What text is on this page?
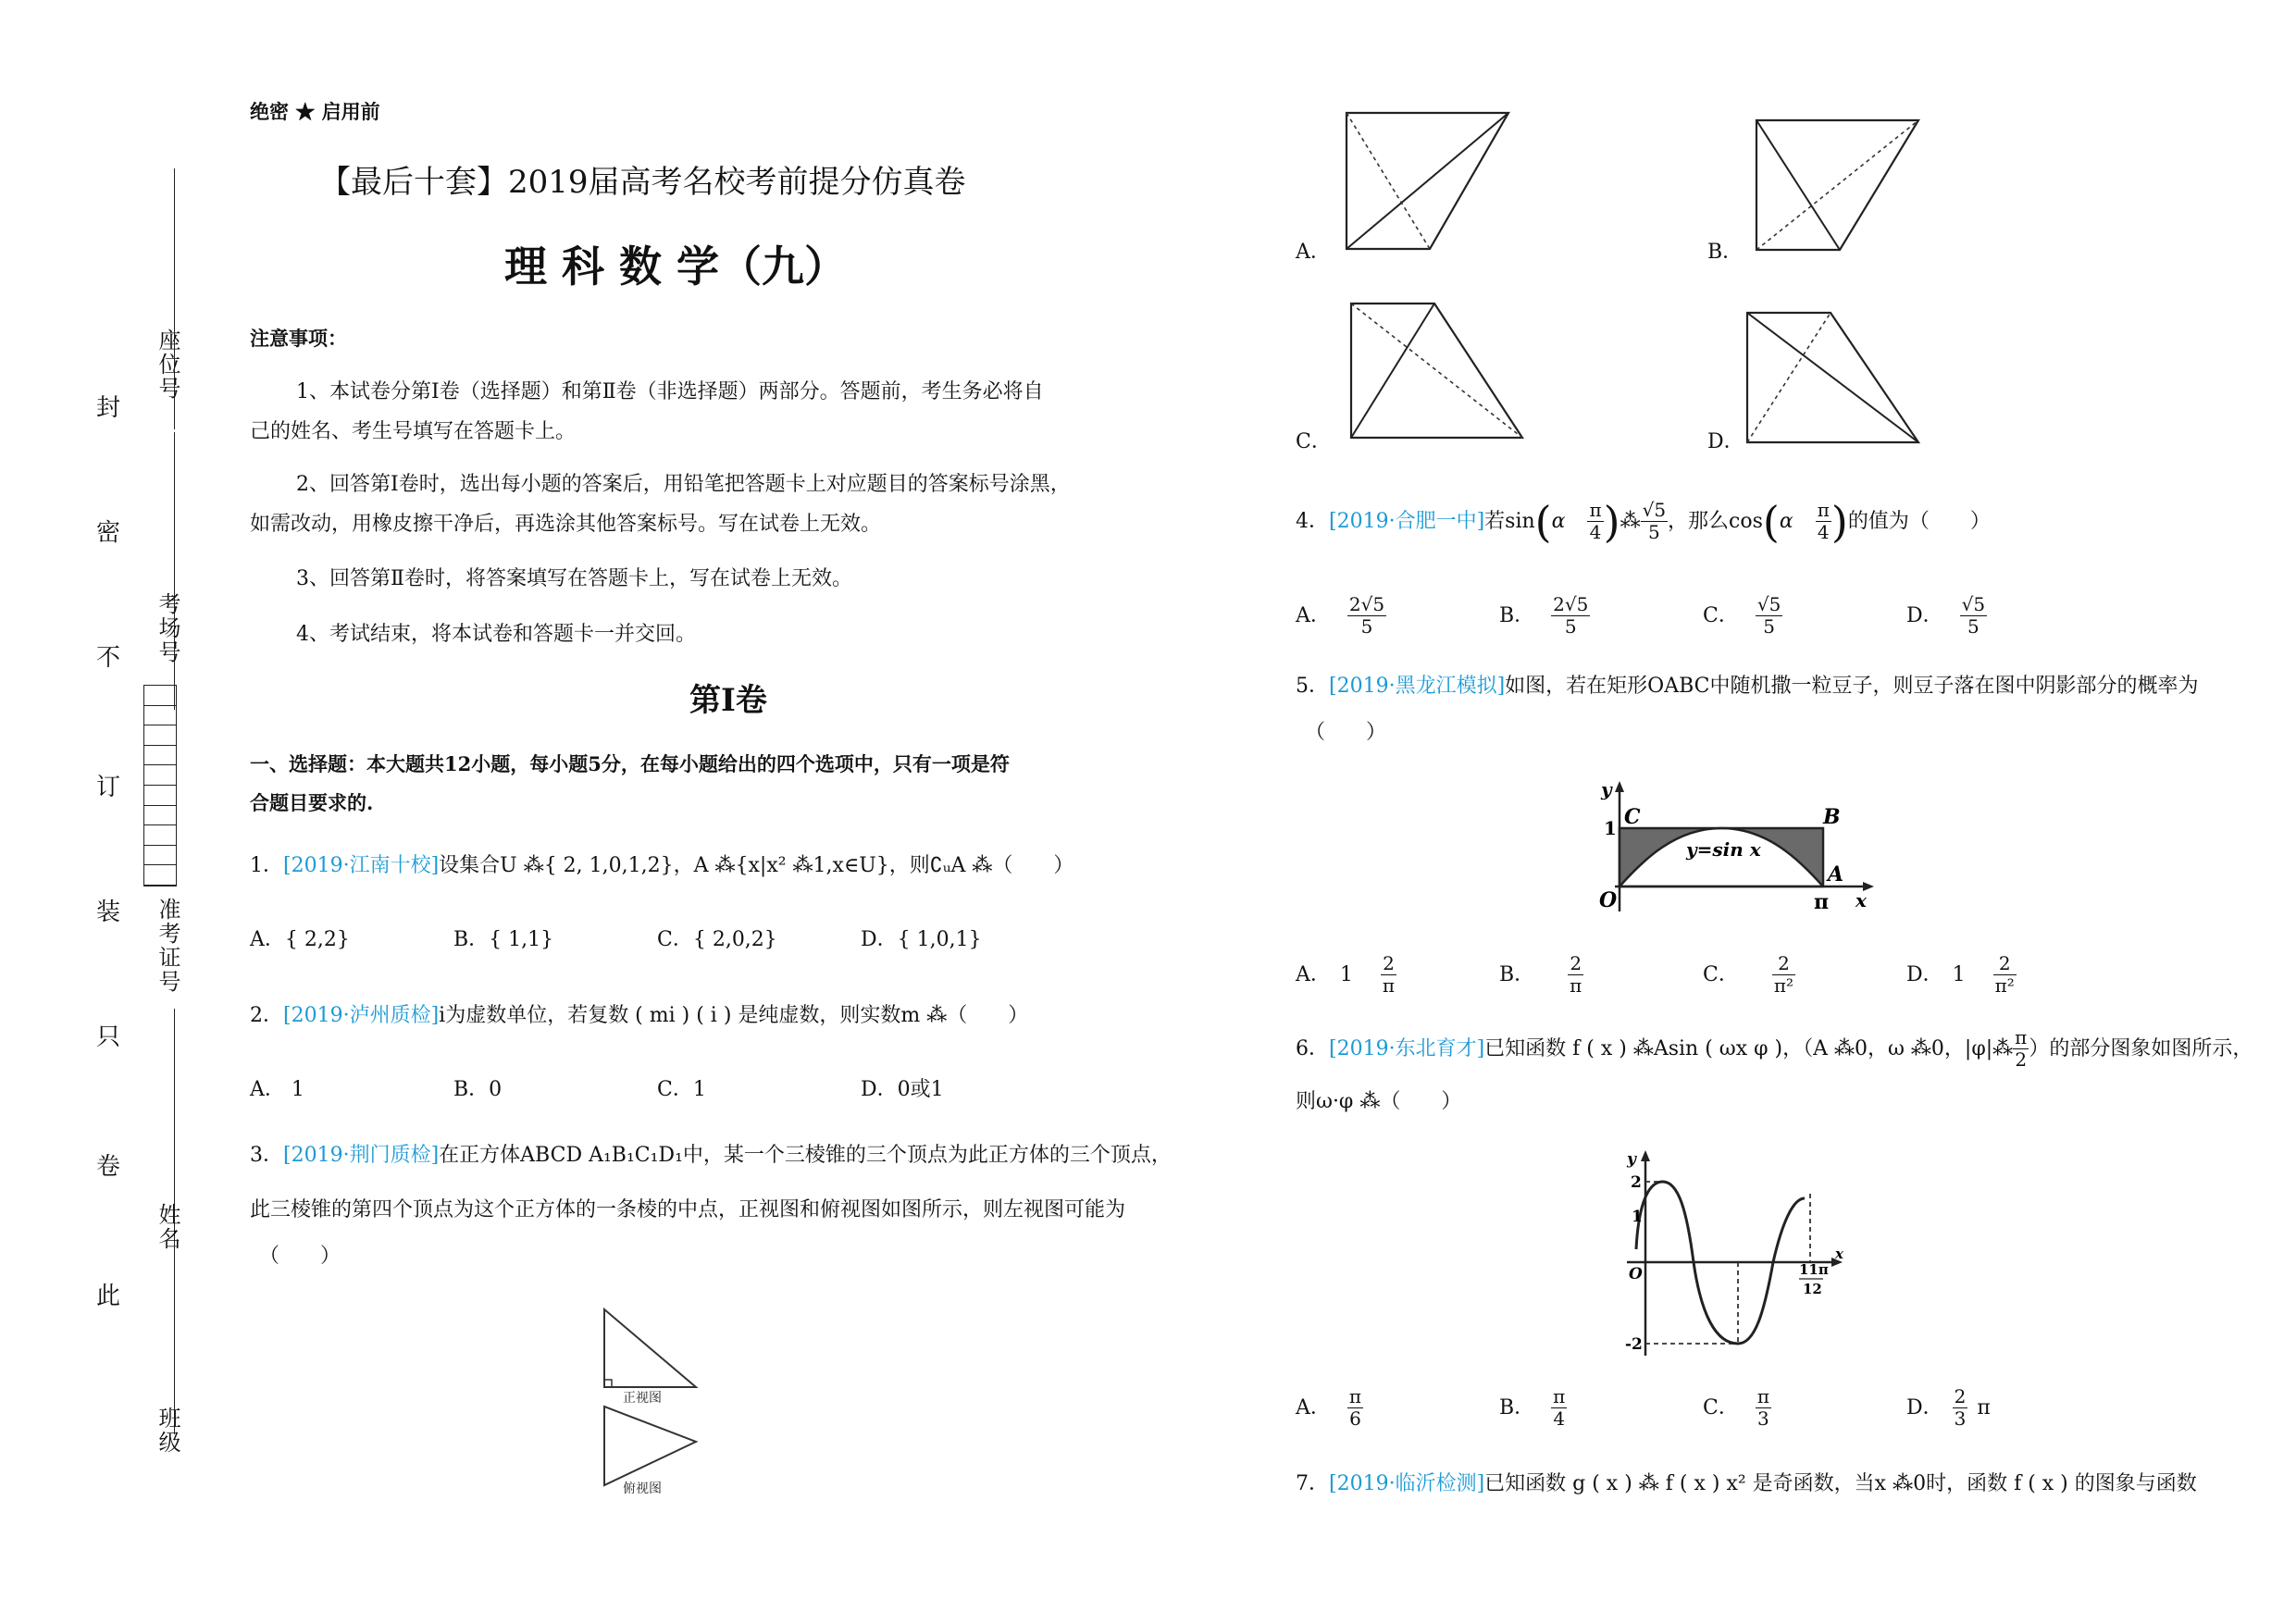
座位号
考场号
准考证号
姓名
班级
封
密
不
订
装
只
卷
此
绝密 ★ 启用前
【最后十套】2019届高考名校考前提分仿真卷
理 科 数 学（九）
注意事项：
1、本试卷分第Ⅰ卷（选择题）和第Ⅱ卷（非选择题）两部分。答题前，考生务必将自
己的姓名、考生号填写在答题卡上。
2、回答第Ⅰ卷时，选出每小题的答案后，用铅笔把答题卡上对应题目的答案标号涂黑，
如需改动，用橡皮擦干净后，再选涂其他答案标号。写在试卷上无效。
3、回答第Ⅱ卷时，将答案填写在答题卡上，写在试卷上无效。
4、考试结束，将本试卷和答题卡一并交回。
第Ⅰ卷
一、选择题：本大题共12小题，每小题5分，在每小题给出的四个选项中，只有一项是符
合题目要求的.
1．[2019·江南十校]设集合U ⁂{ 2, 1,0,1,2}，A ⁂{x|x² ⁂1,x∈U}，则∁ᵤA ⁂（　　）
A．{ 2,2}	B．{ 1,1}	C．{ 2,0,2}	D．{ 1,0,1}
2．[2019·泸州质检]i为虚数单位，若复数 ( mi ) ( i ) 是纯虚数，则实数m ⁂（　　）
A． 1	B．0	C．1	D．0或1
3．[2019·荆门质检]在正方体ABCD A₁B₁C₁D₁中，某一个三棱锥的三个顶点为此正方体的三个顶点，
此三棱锥的第四个顶点为这个正方体的一条棱的中点，正视图和俯视图如图所示，则左视图可能为
（　　）
正视图
俯视图
A．	B．
C．	D．
4． [2019·合肥一中] 若sin ( α $\frac{\pi}{4}$ ) ⁂ $\frac{√5}{5}$ ，那么cos ( α $\frac{\pi}{4}$ ) 的值为（　　）
A． $\frac{2√5}{5}$	B． $\frac{2√5}{5}$	C． $\frac{√5}{5}$	D． $\frac{√5}{5}$
5．[2019·黑龙江模拟]如图，若在矩形OABC中随机撒一粒豆子，则豆子落在图中阴影部分的概率为
（　　）
y
x
C	B
O
A
1
π
y=sin x
A． $1 \frac{2}{\pi}$	B． $\frac{2}{\pi}$	C． $\frac{2}{\text{π²}}$	D． $1 \frac{2}{\text{π²}}$
6． [2019·东北育才] 已知函数 f ( x ) ⁂Asin ( ωx φ )，（A ⁂0，ω ⁂0，|φ|⁂ $\frac{\pi}{2}$ ）的部分图象如图所示，
则ω·φ ⁂（　　）
y
x
2
1
O
-2
11π
12
A． $\frac{\pi}{6}$	B． $\frac{\pi}{4}$	C． $\frac{\pi}{3}$	D． $\frac{2}{3}$ π
7．[2019·临沂检测]已知函数 g ( x ) ⁂ f ( x ) x² 是奇函数，当x ⁂0时，函数 f ( x ) 的图象与函数
